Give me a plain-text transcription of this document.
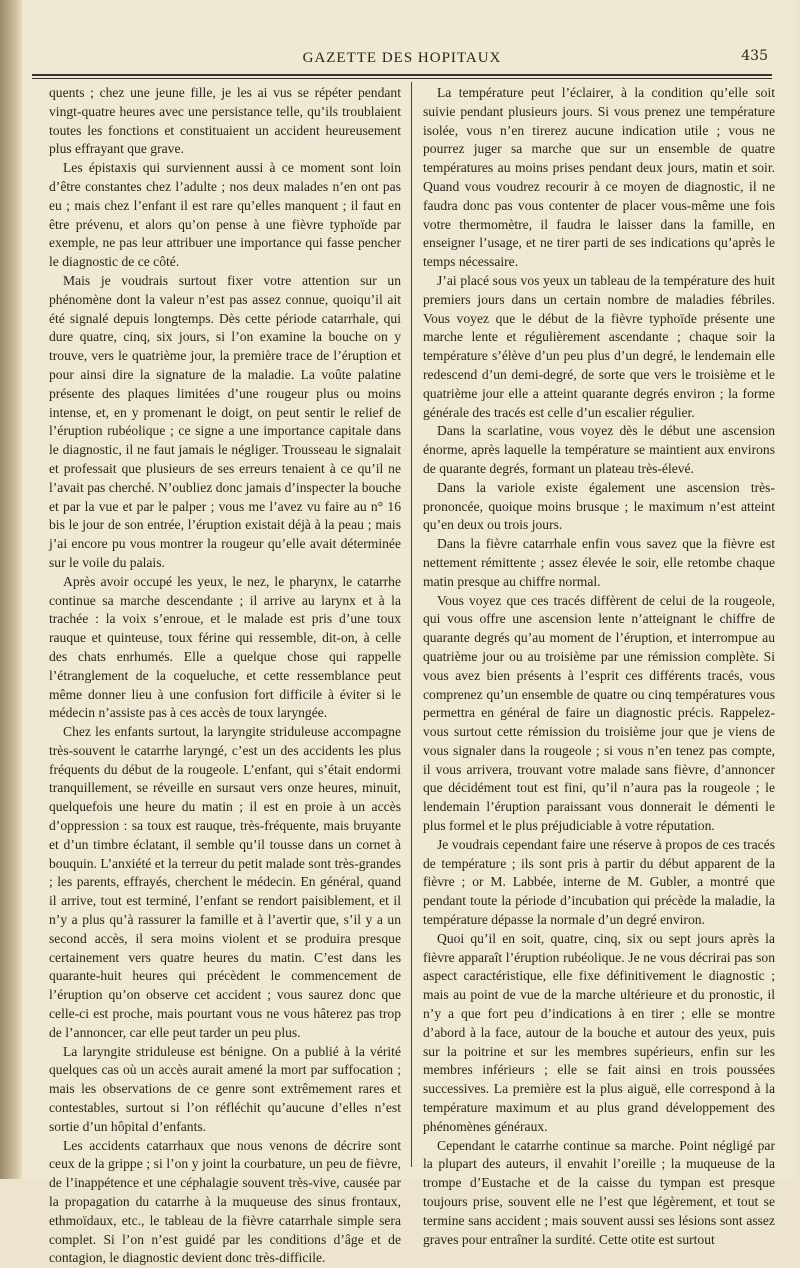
GAZETTE DES HOPITAUX	435

quents ; chez une jeune fille, je les ai vus se répéter pendant vingt-quatre heures avec une persistance telle, qu’ils troublaient toutes les fonctions et constituaient un accident heureusement plus effrayant que grave.

Les épistaxis qui surviennent aussi à ce moment sont loin d’être constantes chez l’adulte ; nos deux malades n’en ont pas eu ; mais chez l’enfant il est rare qu’elles manquent ; il faut en être prévenu, et alors qu’on pense à une fièvre typhoïde par exemple, ne pas leur attribuer une importance qui fasse pencher le diagnostic de ce côté.

Mais je voudrais surtout fixer votre attention sur un phénomène dont la valeur n’est pas assez connue, quoiqu’il ait été signalé depuis longtemps. Dès cette période catarrhale, qui dure quatre, cinq, six jours, si l’on examine la bouche on y trouve, vers le quatrième jour, la première trace de l’éruption et pour ainsi dire la signature de la maladie. La voûte palatine présente des plaques limitées d’une rougeur plus ou moins intense, et, en y promenant le doigt, on peut sentir le relief de l’éruption rubéolique ; ce signe a une importance capitale dans le diagnostic, il ne faut jamais le négliger. Trousseau le signalait et professait que plusieurs de ses erreurs tenaient à ce qu’il ne l’avait pas cherché. N’oubliez donc jamais d’inspecter la bouche et par la vue et par le palper ; vous me l’avez vu faire au n° 16 bis le jour de son entrée, l’éruption existait déjà à la peau ; mais j’ai encore pu vous montrer la rougeur qu’elle avait déterminée sur le voile du palais.

Après avoir occupé les yeux, le nez, le pharynx, le catarrhe continue sa marche descendante ; il arrive au larynx et à la trachée : la voix s’enroue, et le malade est pris d’une toux rauque et quinteuse, toux férine qui ressemble, dit-on, à celle des chats enrhumés. Elle a quelque chose qui rappelle l’étranglement de la coqueluche, et cette ressemblance peut même donner lieu à une confusion fort difficile à éviter si le médecin n’assiste pas à ces accès de toux laryngée.

Chez les enfants surtout, la laryngite striduleuse accompagne très-souvent le catarrhe laryngé, c’est un des accidents les plus fréquents du début de la rougeole. L’enfant, qui s’était endormi tranquillement, se réveille en sursaut vers onze heures, minuit, quelquefois une heure du matin ; il est en proie à un accès d’oppression : sa toux est rauque, très-fréquente, mais bruyante et d’un timbre éclatant, il semble qu’il tousse dans un cornet à bouquin. L’anxiété et la terreur du petit malade sont très-grandes ; les parents, effrayés, cherchent le médecin. En général, quand il arrive, tout est terminé, l’enfant se rendort paisiblement, et il n’y a plus qu’à rassurer la famille et à l’avertir que, s’il y a un second accès, il sera moins violent et se produira presque certainement vers quatre heures du matin. C’est dans les quarante-huit heures qui précèdent le commencement de l’éruption qu’on observe cet accident ; vous saurez donc que celle-ci est proche, mais pourtant vous ne vous hâterez pas trop de l’annoncer, car elle peut tarder un peu plus.

La laryngite striduleuse est bénigne. On a publié à la vérité quelques cas où un accès aurait amené la mort par suffocation ; mais les observations de ce genre sont extrêmement rares et contestables, surtout si l’on réfléchit qu’aucune d’elles n’est sortie d’un hôpital d’enfants.

Les accidents catarrhaux que nous venons de décrire sont ceux de la grippe ; si l’on y joint la courbature, un peu de fièvre, de l’inappétence et une céphalagie souvent très-vive, causée par la propagation du catarrhe à la muqueuse des sinus frontaux, ethmoïdaux, etc., le tableau de la fièvre catarrhale simple sera complet. Si l’on n’est guidé par les conditions d’âge et de contagion, le diagnostic devient donc très-difficile.

La température peut l’éclairer, à la condition qu’elle soit suivie pendant plusieurs jours. Si vous prenez une température isolée, vous n’en tirerez aucune indication utile ; vous ne pourrez juger sa marche que sur un ensemble de quatre températures au moins prises pendant deux jours, matin et soir. Quand vous voudrez recourir à ce moyen de diagnostic, il ne faudra donc pas vous contenter de placer vous-même une fois votre thermomètre, il faudra le laisser dans la famille, en enseigner l’usage, et ne tirer parti de ses indications qu’après le temps nécessaire.

J’ai placé sous vos yeux un tableau de la température des huit premiers jours dans un certain nombre de maladies fébriles. Vous voyez que le début de la fièvre typhoïde présente une marche lente et régulièrement ascendante ; chaque soir la température s’élève d’un peu plus d’un degré, le lendemain elle redescend d’un demi-degré, de sorte que vers le troisième et le quatrième jour elle a atteint quarante degrés environ ; la forme générale des tracés est celle d’un escalier régulier.

Dans la scarlatine, vous voyez dès le début une ascension énorme, après laquelle la température se maintient aux environs de quarante degrés, formant un plateau très-élevé.

Dans la variole existe également une ascension très-prononcée, quoique moins brusque ; le maximum n’est atteint qu’en deux ou trois jours.

Dans la fièvre catarrhale enfin vous savez que la fièvre est nettement rémittente ; assez élevée le soir, elle retombe chaque matin presque au chiffre normal.

Vous voyez que ces tracés diffèrent de celui de la rougeole, qui vous offre une ascension lente n’atteignant le chiffre de quarante degrés qu’au moment de l’éruption, et interrompue au quatrième jour ou au troisième par une rémission complète. Si vous avez bien présents à l’esprit ces différents tracés, vous comprenez qu’un ensemble de quatre ou cinq températures vous permettra en général de faire un diagnostic précis. Rappelez-vous surtout cette rémission du troisième jour que je viens de vous signaler dans la rougeole ; si vous n’en tenez pas compte, il vous arrivera, trouvant votre malade sans fièvre, d’annoncer que décidément tout est fini, qu’il n’aura pas la rougeole ; le lendemain l’éruption paraissant vous donnerait le démenti le plus formel et le plus préjudiciable à votre réputation.

Je voudrais cependant faire une réserve à propos de ces tracés de température ; ils sont pris à partir du début apparent de la fièvre ; or M. Labbée, interne de M. Gubler, a montré que pendant toute la période d’incubation qui précède la maladie, la température dépasse la normale d’un degré environ.

Quoi qu’il en soit, quatre, cinq, six ou sept jours après la fièvre apparaît l’éruption rubéolique. Je ne vous décrirai pas son aspect caractéristique, elle fixe définitivement le diagnostic ; mais au point de vue de la marche ultérieure et du pronostic, il n’y a que fort peu d’indications à en tirer ; elle se montre d’abord à la face, autour de la bouche et autour des yeux, puis sur la poitrine et sur les membres supérieurs, enfin sur les membres inférieurs ; elle se fait ainsi en trois poussées successives. La première est la plus aiguë, elle correspond à la température maximum et au plus grand développement des phénomènes généraux.

Cependant le catarrhe continue sa marche. Point négligé par la plupart des auteurs, il envahit l’oreille ; la muqueuse de la trompe d’Eustache et de la caisse du tympan est presque toujours prise, souvent elle ne l’est que légèrement, et tout se termine sans accident ; mais souvent aussi ses lésions sont assez graves pour entraîner la surdité. Cette otite est surtout
